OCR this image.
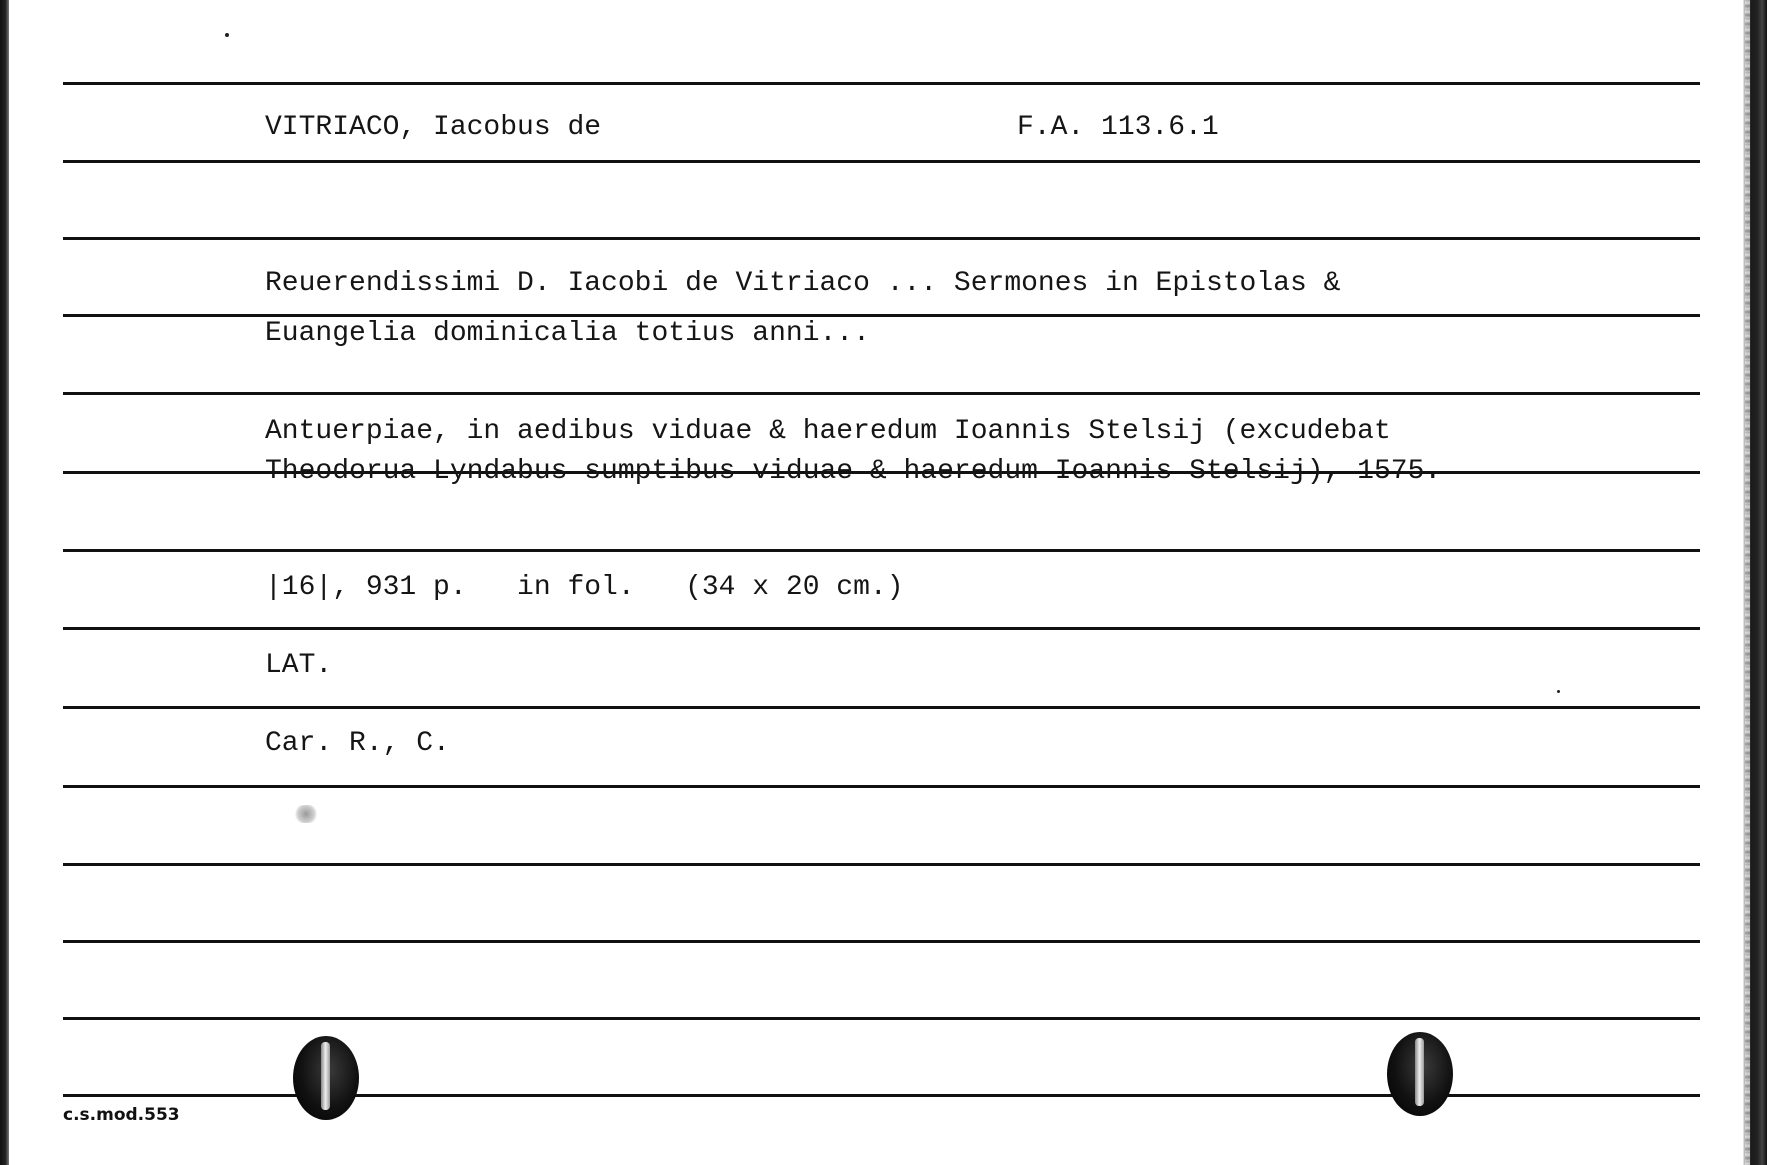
VITRIACO, Iacobus de	F.A. 113.6.1
Reuerendissimi D. Iacobi de Vitriaco ... Sermones in Epistolas &
Euangelia dominicalia totius anni...
Antuerpiae, in aedibus viduae & haeredum Ioannis Stelsij (excudebat
Theodorua Lyndabus sumptibus viduae & haeredum Ioannis Stelsij), 1575.
|16|, 931 p.   in fol.   (34 x 20 cm.)
LAT.
Car. R., C.
c.s.mod.553
